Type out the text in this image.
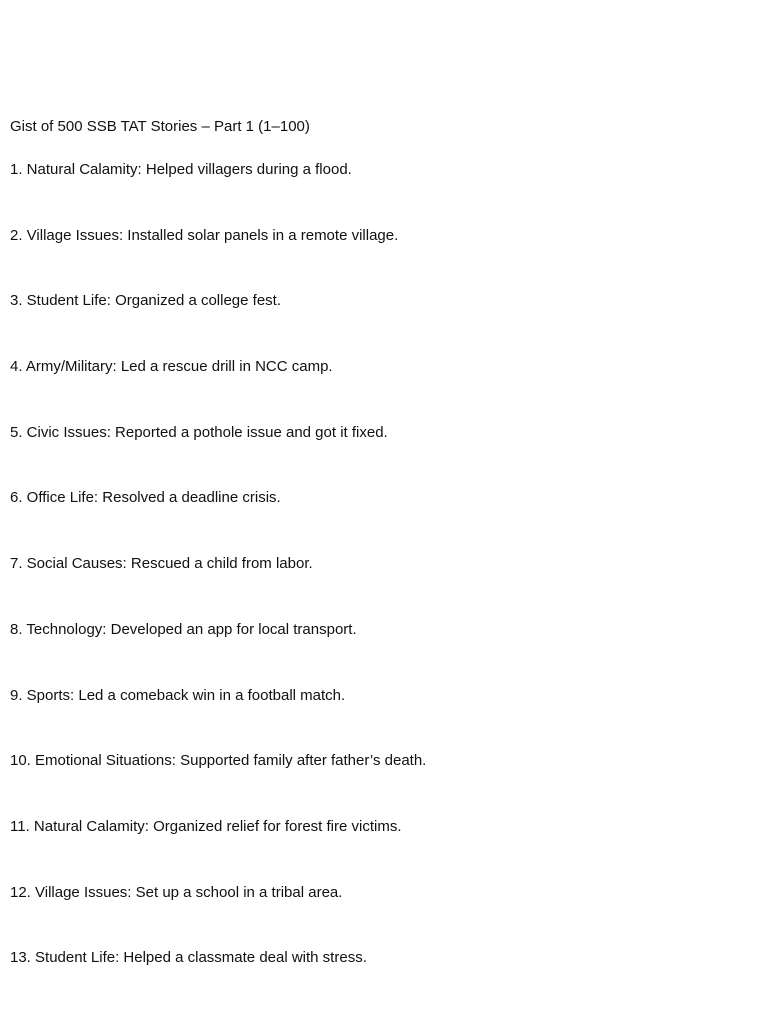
Gist of 500 SSB TAT Stories – Part 1 (1–100)
1. Natural Calamity: Helped villagers during a flood.
2. Village Issues: Installed solar panels in a remote village.
3. Student Life: Organized a college fest.
4. Army/Military: Led a rescue drill in NCC camp.
5. Civic Issues: Reported a pothole issue and got it fixed.
6. Office Life: Resolved a deadline crisis.
7. Social Causes: Rescued a child from labor.
8. Technology: Developed an app for local transport.
9. Sports: Led a comeback win in a football match.
10. Emotional Situations: Supported family after father’s death.
11. Natural Calamity: Organized relief for forest fire victims.
12. Village Issues: Set up a school in a tribal area.
13. Student Life: Helped a classmate deal with stress.
